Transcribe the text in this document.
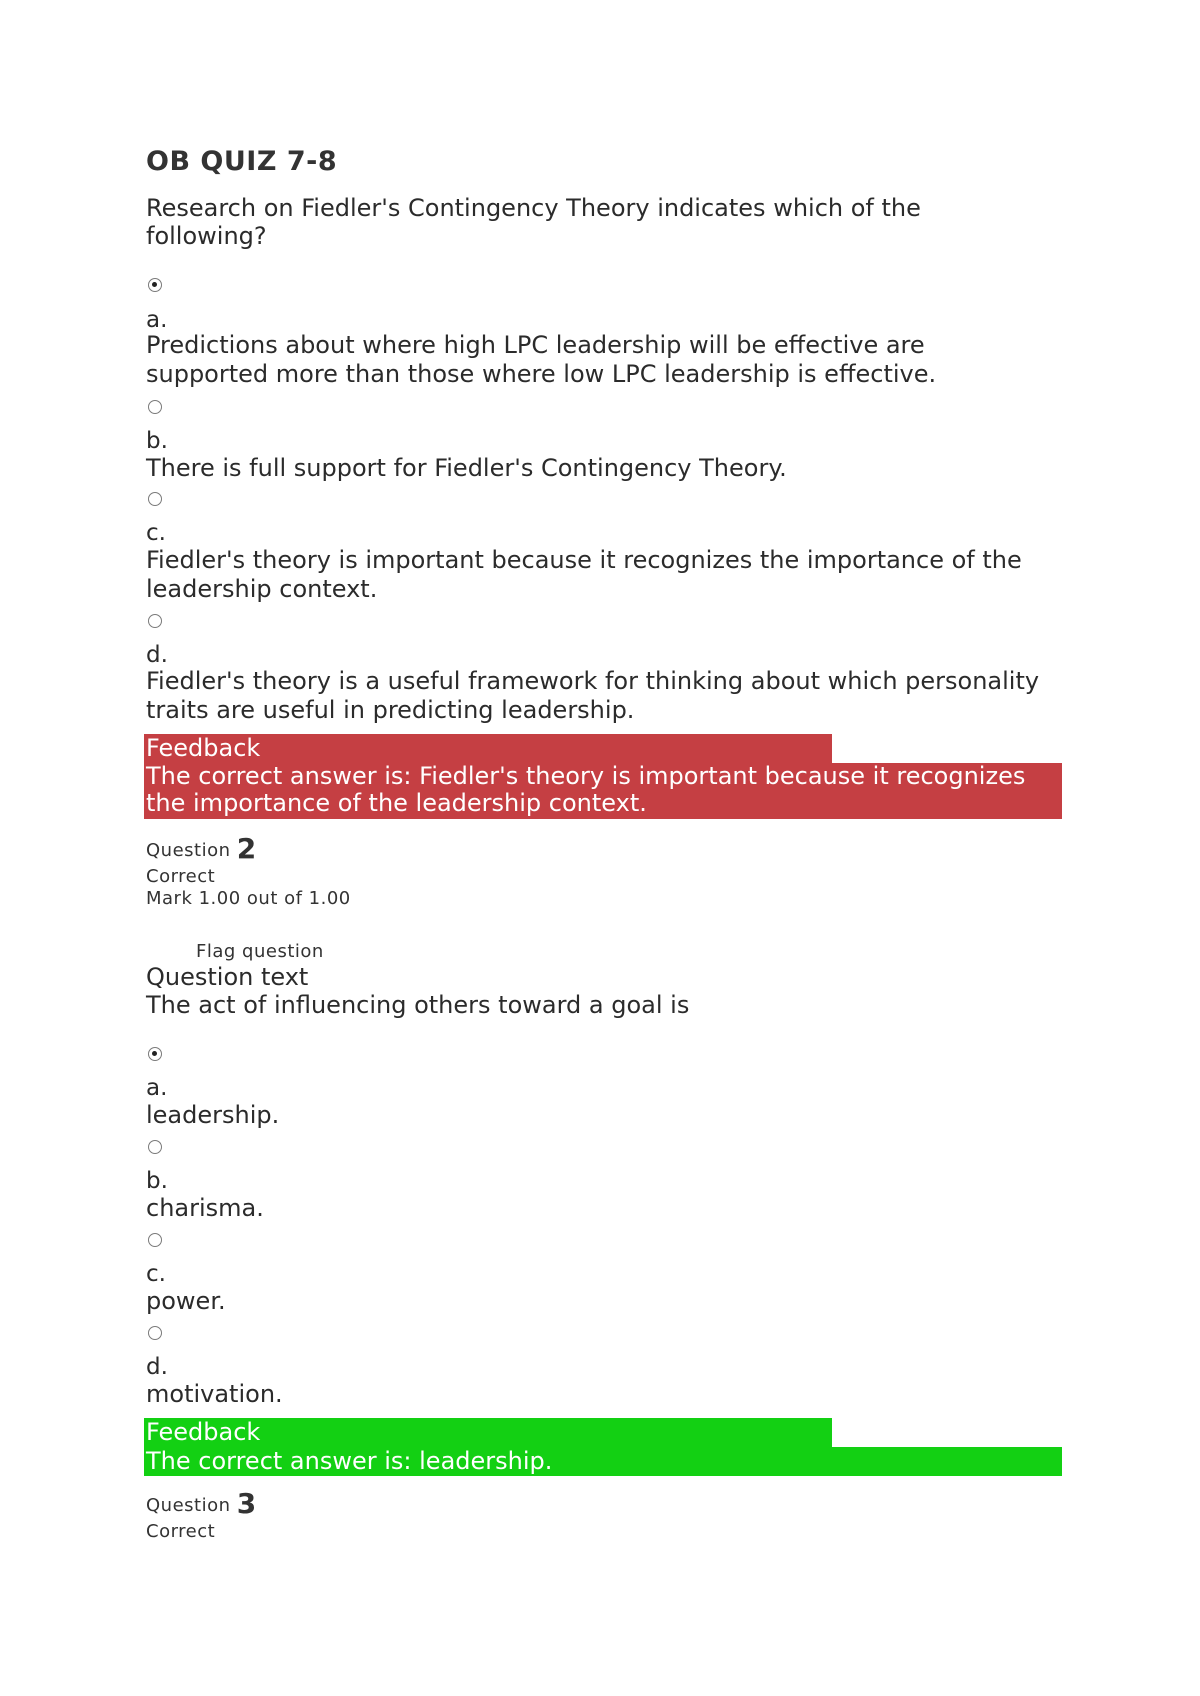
OB QUIZ 7-8
Research on Fiedler's Contingency Theory indicates which of the following?
a.
Predictions about where high LPC leadership will be effective are supported more than those where low LPC leadership is effective.
b.
There is full support for Fiedler's Contingency Theory.
c.
Fiedler's theory is important because it recognizes the importance of the leadership context.
d.
Fiedler's theory is a useful framework for thinking about which personality traits are useful in predicting leadership.
Feedback
The correct answer is: Fiedler's theory is important because it recognizes the importance of the leadership context.
Question 2
Correct
Mark 1.00 out of 1.00
Flag question
Question text
The act of influencing others toward a goal is
a.
leadership.
b.
charisma.
c.
power.
d.
motivation.
Feedback
The correct answer is: leadership.
Question 3
Correct
